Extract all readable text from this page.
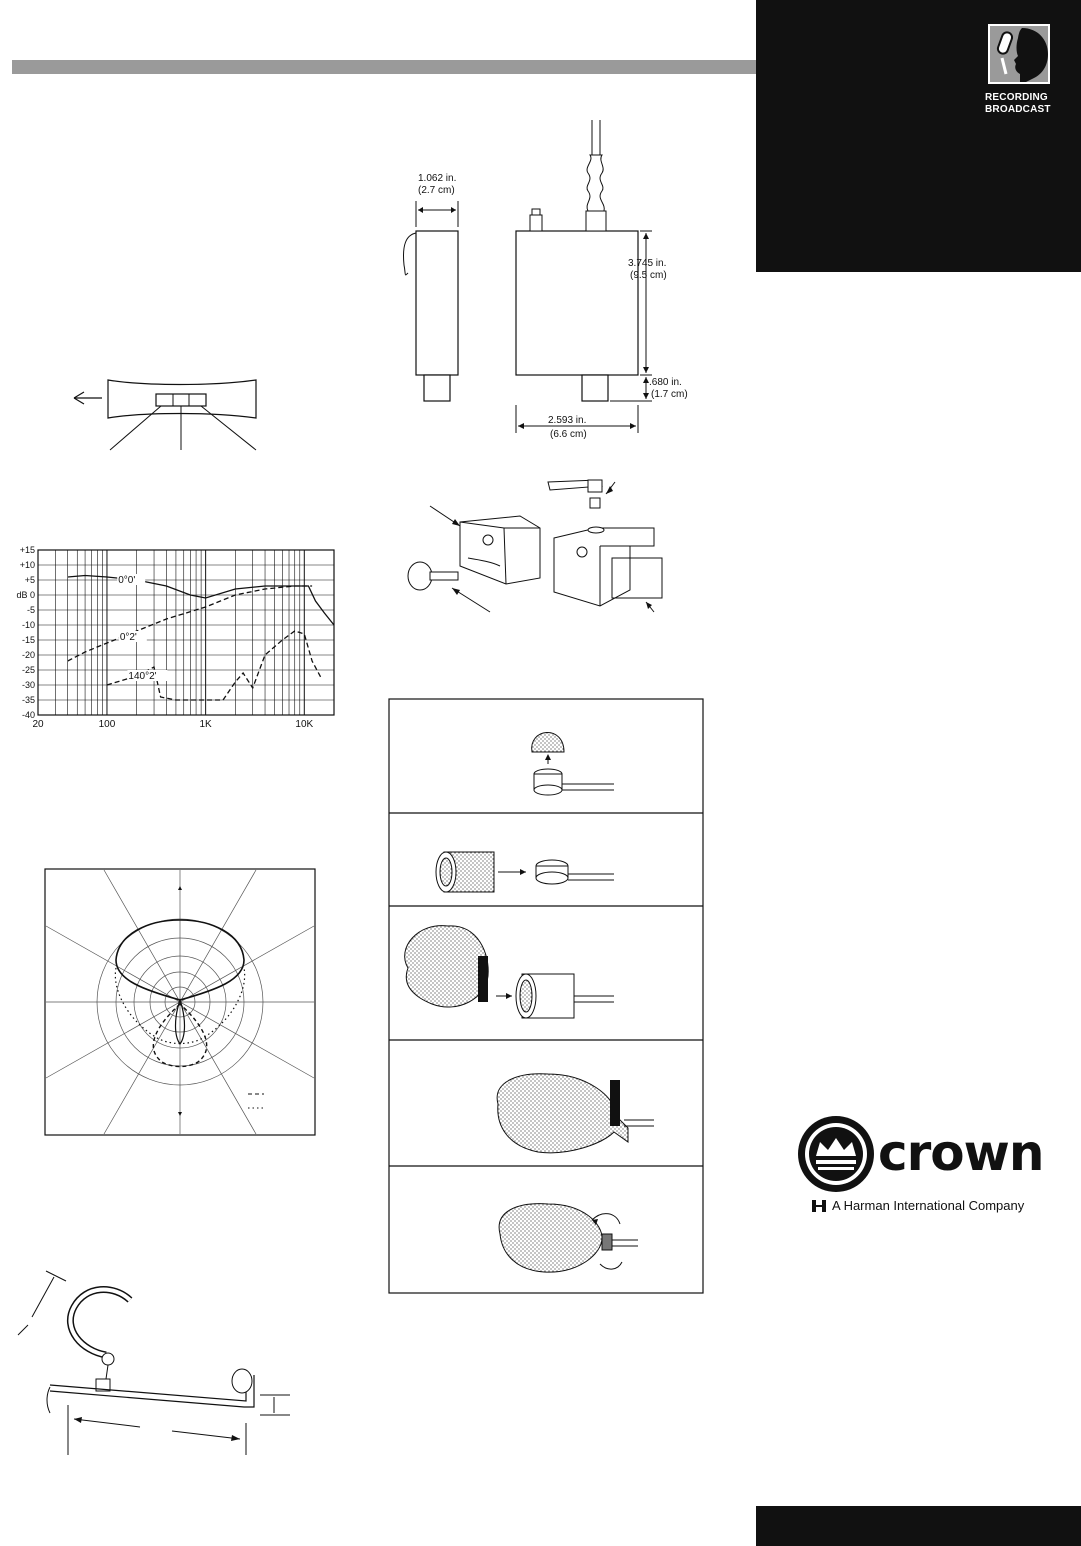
RECORDING
BROADCAST
1.062 in.
(2.7 cm)
3.745 in.
(9.5 cm)
.680 in.
(1.7 cm)
2.593 in.
(6.6 cm)
+15
+10
+5
dB 0
-5
-10
-15
-20
-25
-30
-35
-40
20	100	1K	10K
0°0'
0°2'
140°2'
crown
A Harman International Company
